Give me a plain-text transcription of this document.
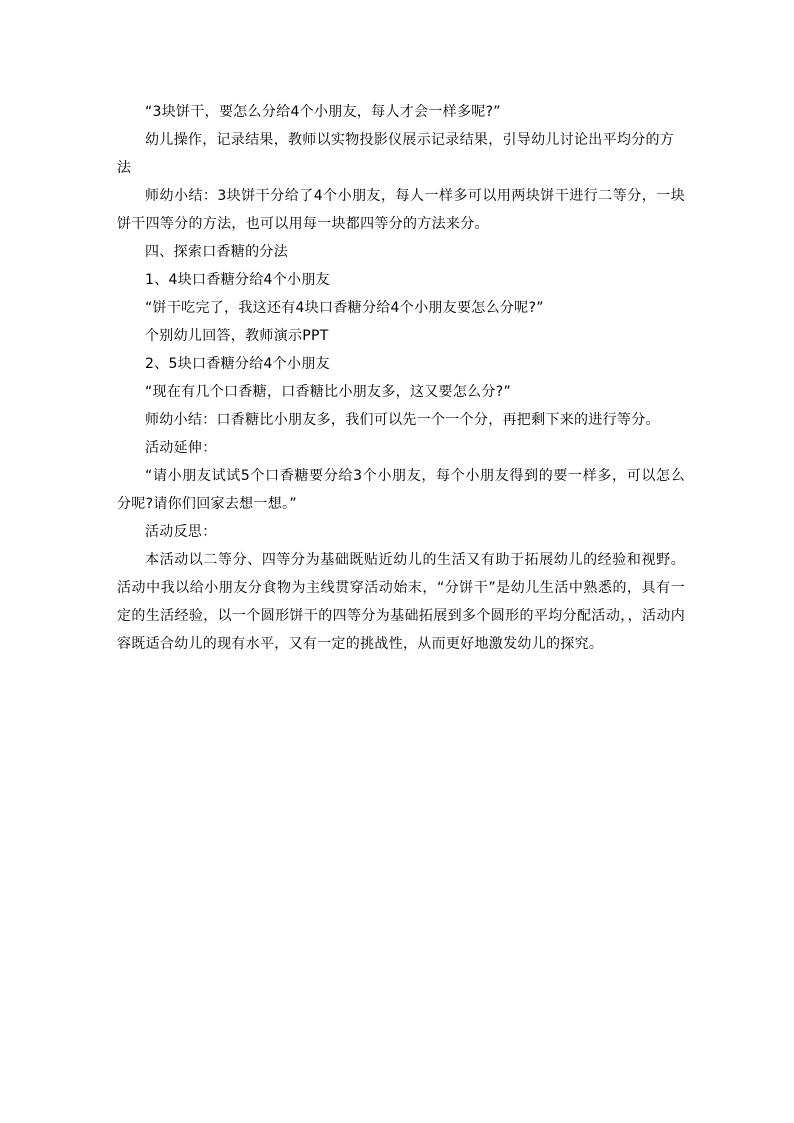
“3块饼干，要怎么分给4个小朋友，每人才会一样多呢?”

幼儿操作，记录结果，教师以实物投影仪展示记录结果，引导幼儿讨论出平均分的方法

师幼小结：3块饼干分给了4个小朋友，每人一样多可以用两块饼干进行二等分，一块饼干四等分的方法，也可以用每一块都四等分的方法来分。

四、探索口香糖的分法

1、4块口香糖分给4个小朋友

“饼干吃完了，我这还有4块口香糖分给4个小朋友要怎么分呢?”

个别幼儿回答，教师演示PPT

2、5块口香糖分给4个小朋友

“现在有几个口香糖，口香糖比小朋友多，这又要怎么分?”

师幼小结：口香糖比小朋友多，我们可以先一个一个分，再把剩下来的进行等分。

活动延伸：

“请小朋友试试5个口香糖要分给3个小朋友，每个小朋友得到的要一样多，可以怎么分呢?请你们回家去想一想。”

活动反思：

本活动以二等分、四等分为基础既贴近幼儿的生活又有助于拓展幼儿的经验和视野。活动中我以给小朋友分食物为主线贯穿活动始末，“分饼干”是幼儿生活中熟悉的，具有一定的生活经验，以一个圆形饼干的四等分为基础拓展到多个圆形的平均分配活动，，活动内容既适合幼儿的现有水平，又有一定的挑战性，从而更好地激发幼儿的探究。
